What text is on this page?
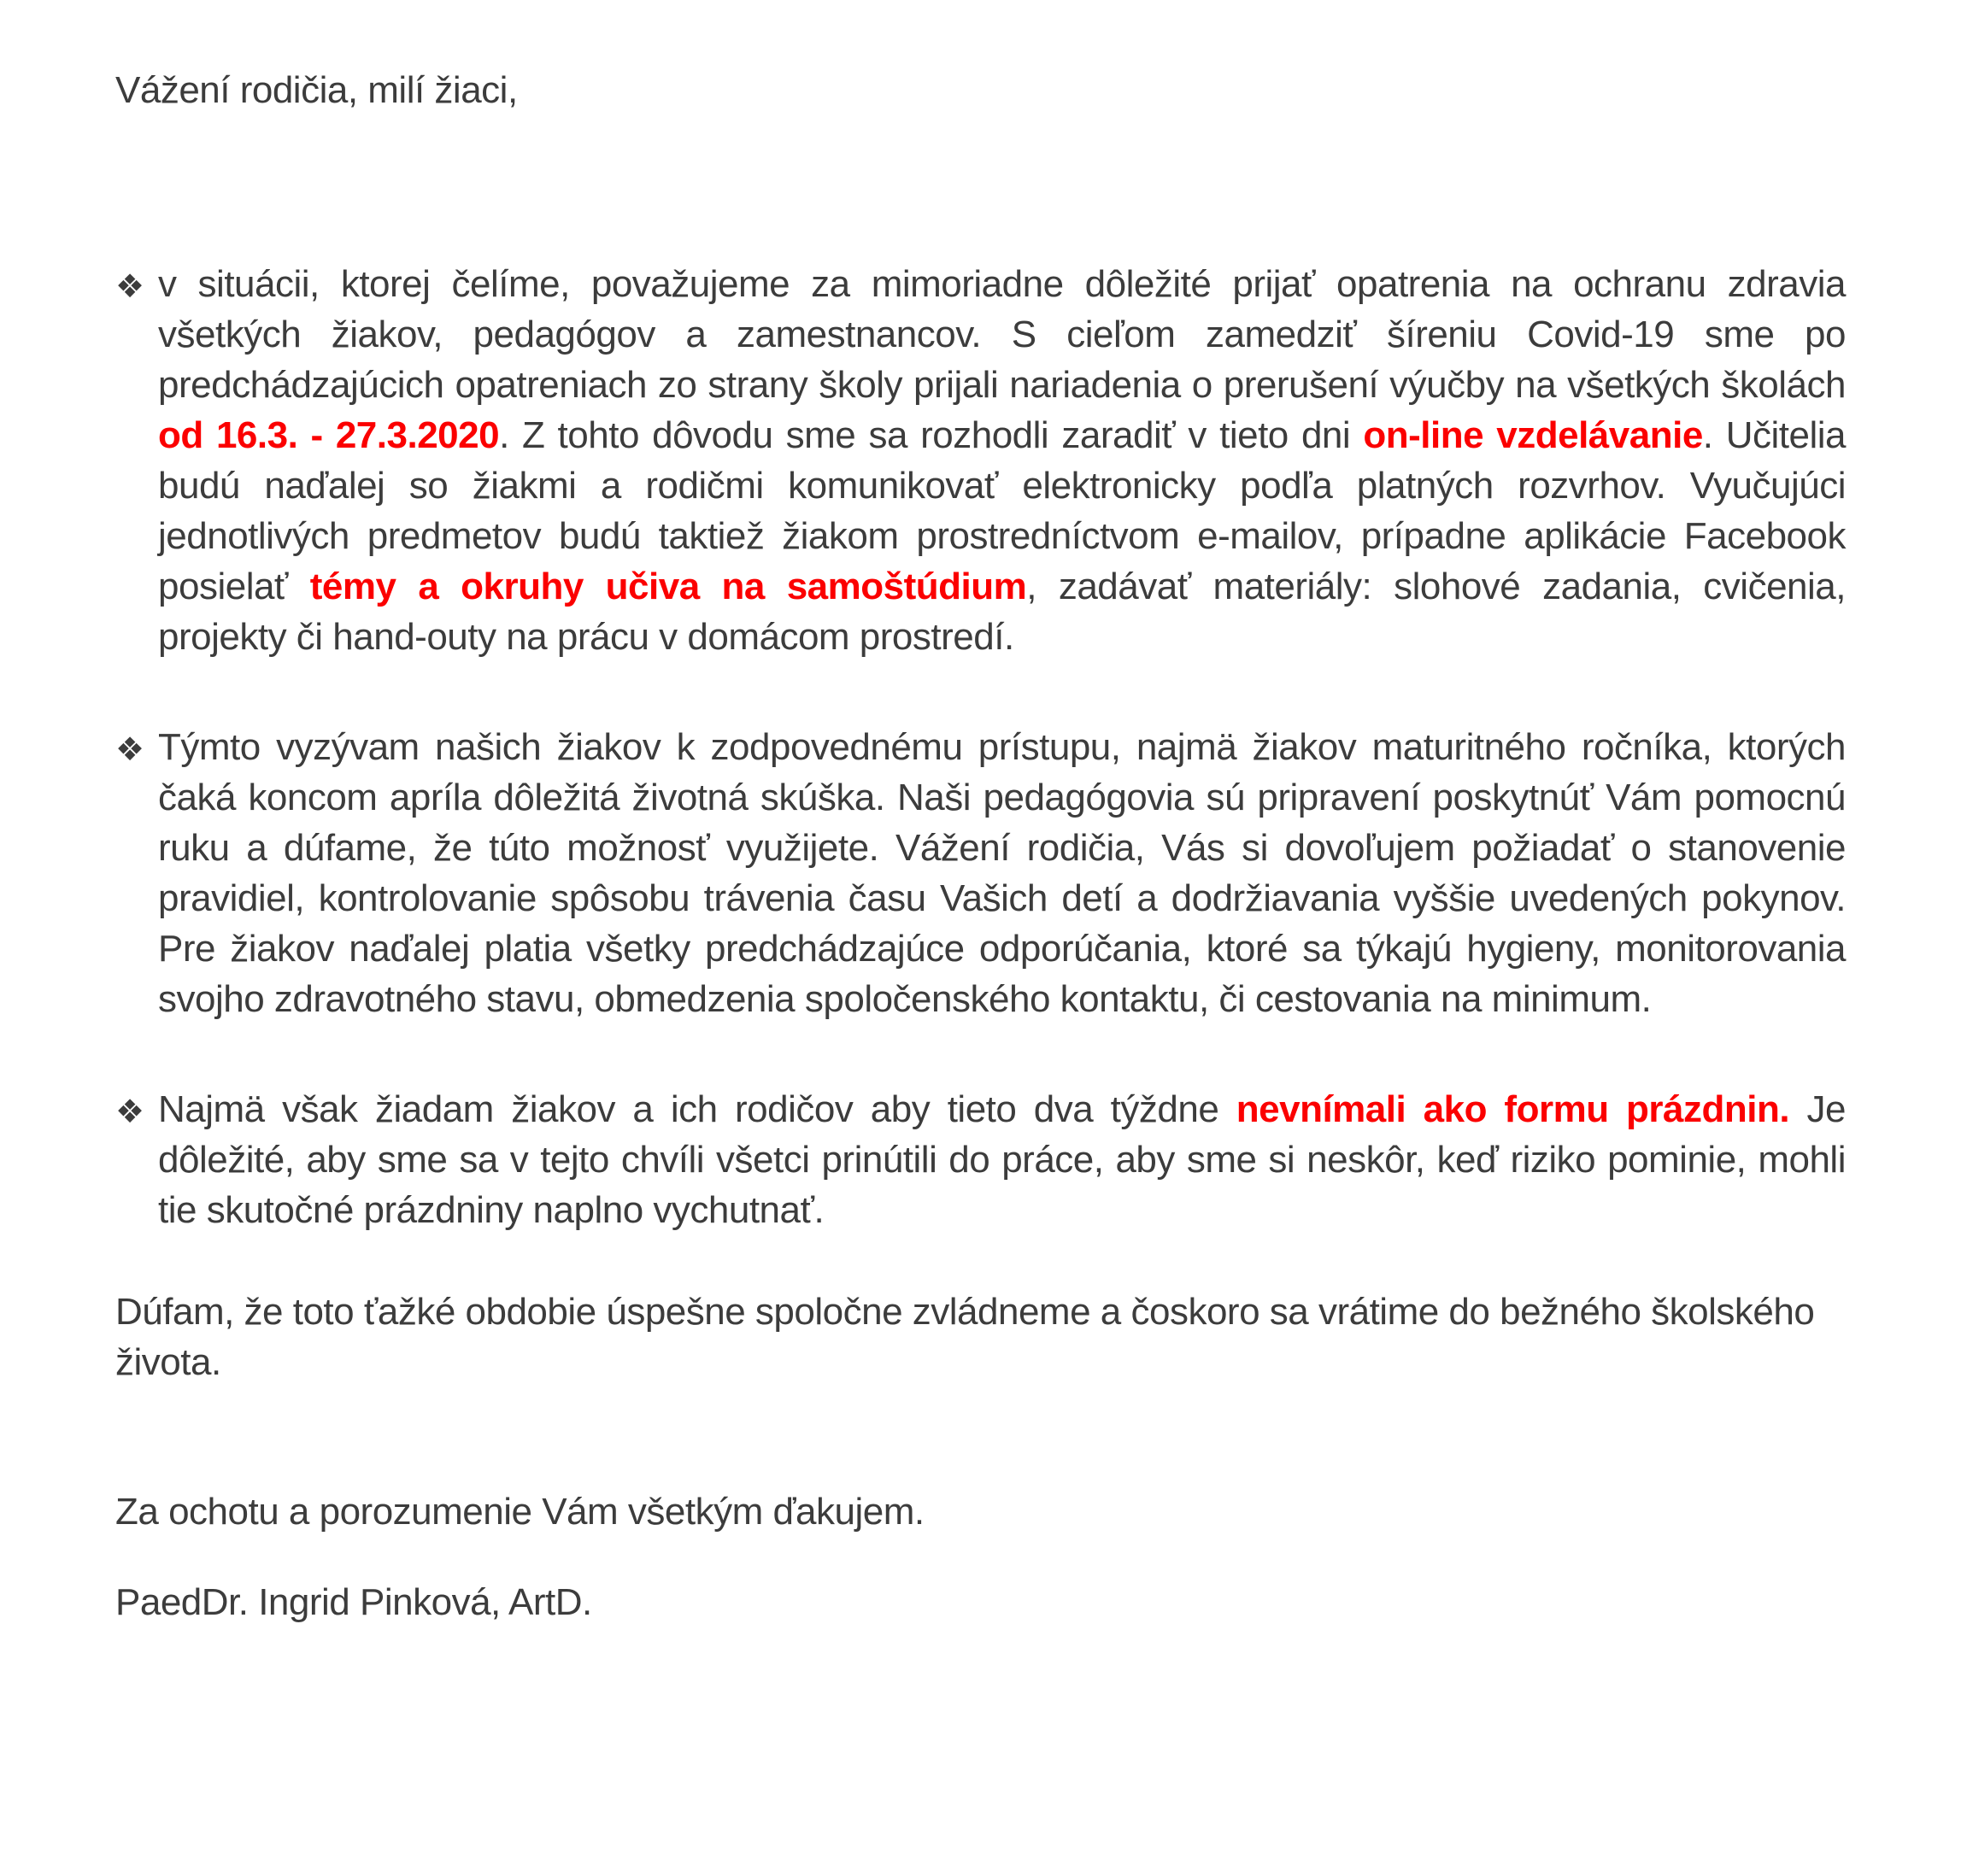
Vážení rodičia, milí žiaci,

❖ v situácii, ktorej čelíme, považujeme za mimoriadne dôležité prijať opatrenia na ochranu zdravia všetkých žiakov, pedagógov a zamestnancov. S cieľom zamedziť šíreniu Covid-19 sme po predchádzajúcich opatreniach zo strany školy prijali nariadenia o prerušení výučby na všetkých školách od 16.3. - 27.3.2020. Z tohto dôvodu sme sa rozhodli zaradiť v tieto dni on-line vzdelávanie. Učitelia budú naďalej so žiakmi a rodičmi komunikovať elektronicky podľa platných rozvrhov. Vyučujúci jednotlivých predmetov budú taktiež žiakom prostredníctvom e-mailov, prípadne aplikácie Facebook posielať témy a okruhy učiva na samoštúdium, zadávať materiály: slohové zadania, cvičenia, projekty či hand-outy na prácu v domácom prostredí.
❖ Týmto vyzývam našich žiakov k zodpovednému prístupu, najmä žiakov maturitného ročníka, ktorých čaká koncom apríla dôležitá životná skúška. Naši pedagógovia sú pripravení poskytnúť Vám pomocnú ruku a dúfame, že túto možnosť využijete. Vážení rodičia, Vás si dovoľujem požiadať o stanovenie pravidiel, kontrolovanie spôsobu trávenia času Vašich detí a dodržiavania vyššie uvedených pokynov. Pre žiakov naďalej platia všetky predchádzajúce odporúčania, ktoré sa týkajú hygieny, monitorovania svojho zdravotného stavu, obmedzenia spoločenského kontaktu, či cestovania na minimum.
❖ Najmä však žiadam žiakov a ich rodičov aby tieto dva týždne nevnímali ako formu prázdnin. Je dôležité, aby sme sa v tejto chvíli všetci prinútili do práce, aby sme si neskôr, keď riziko pominie, mohli tie skutočné prázdniny naplno vychutnať.

Dúfam, že toto ťažké obdobie úspešne spoločne zvládneme a čoskoro sa vrátime do bežného školského života.

Za ochotu a porozumenie Vám všetkým ďakujem.

PaedDr. Ingrid Pinková, ArtD.
